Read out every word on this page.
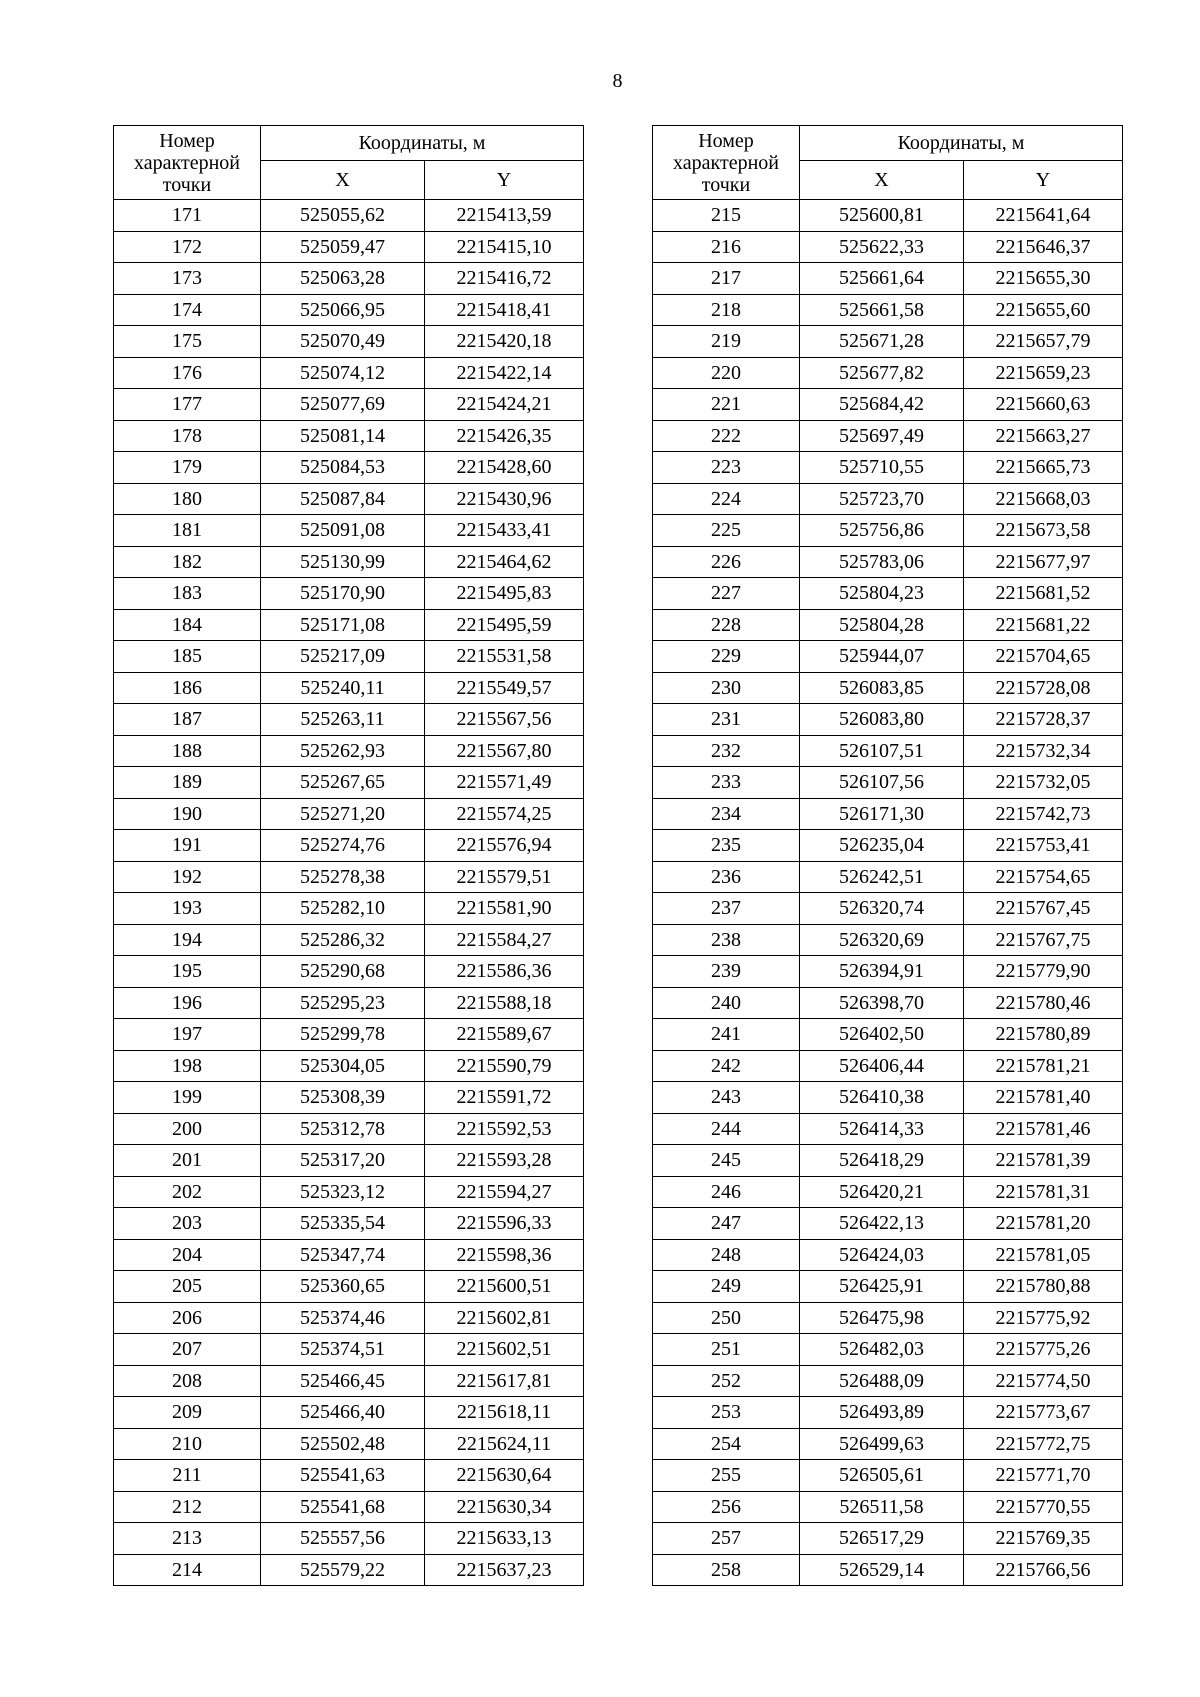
8
Номер характерной точки	Координаты, м	
	X	Y
171	525055,62	2215413,59
172	525059,47	2215415,10
173	525063,28	2215416,72
174	525066,95	2215418,41
175	525070,49	2215420,18
176	525074,12	2215422,14
177	525077,69	2215424,21
178	525081,14	2215426,35
179	525084,53	2215428,60
180	525087,84	2215430,96
181	525091,08	2215433,41
182	525130,99	2215464,62
183	525170,90	2215495,83
184	525171,08	2215495,59
185	525217,09	2215531,58
186	525240,11	2215549,57
187	525263,11	2215567,56
188	525262,93	2215567,80
189	525267,65	2215571,49
190	525271,20	2215574,25
191	525274,76	2215576,94
192	525278,38	2215579,51
193	525282,10	2215581,90
194	525286,32	2215584,27
195	525290,68	2215586,36
196	525295,23	2215588,18
197	525299,78	2215589,67
198	525304,05	2215590,79
199	525308,39	2215591,72
200	525312,78	2215592,53
201	525317,20	2215593,28
202	525323,12	2215594,27
203	525335,54	2215596,33
204	525347,74	2215598,36
205	525360,65	2215600,51
206	525374,46	2215602,81
207	525374,51	2215602,51
208	525466,45	2215617,81
209	525466,40	2215618,11
210	525502,48	2215624,11
211	525541,63	2215630,64
212	525541,68	2215630,34
213	525557,56	2215633,13
214	525579,22	2215637,23
Номер характерной точки	Координаты, м	
	X	Y
215	525600,81	2215641,64
216	525622,33	2215646,37
217	525661,64	2215655,30
218	525661,58	2215655,60
219	525671,28	2215657,79
220	525677,82	2215659,23
221	525684,42	2215660,63
222	525697,49	2215663,27
223	525710,55	2215665,73
224	525723,70	2215668,03
225	525756,86	2215673,58
226	525783,06	2215677,97
227	525804,23	2215681,52
228	525804,28	2215681,22
229	525944,07	2215704,65
230	526083,85	2215728,08
231	526083,80	2215728,37
232	526107,51	2215732,34
233	526107,56	2215732,05
234	526171,30	2215742,73
235	526235,04	2215753,41
236	526242,51	2215754,65
237	526320,74	2215767,45
238	526320,69	2215767,75
239	526394,91	2215779,90
240	526398,70	2215780,46
241	526402,50	2215780,89
242	526406,44	2215781,21
243	526410,38	2215781,40
244	526414,33	2215781,46
245	526418,29	2215781,39
246	526420,21	2215781,31
247	526422,13	2215781,20
248	526424,03	2215781,05
249	526425,91	2215780,88
250	526475,98	2215775,92
251	526482,03	2215775,26
252	526488,09	2215774,50
253	526493,89	2215773,67
254	526499,63	2215772,75
255	526505,61	2215771,70
256	526511,58	2215770,55
257	526517,29	2215769,35
258	526529,14	2215766,56
